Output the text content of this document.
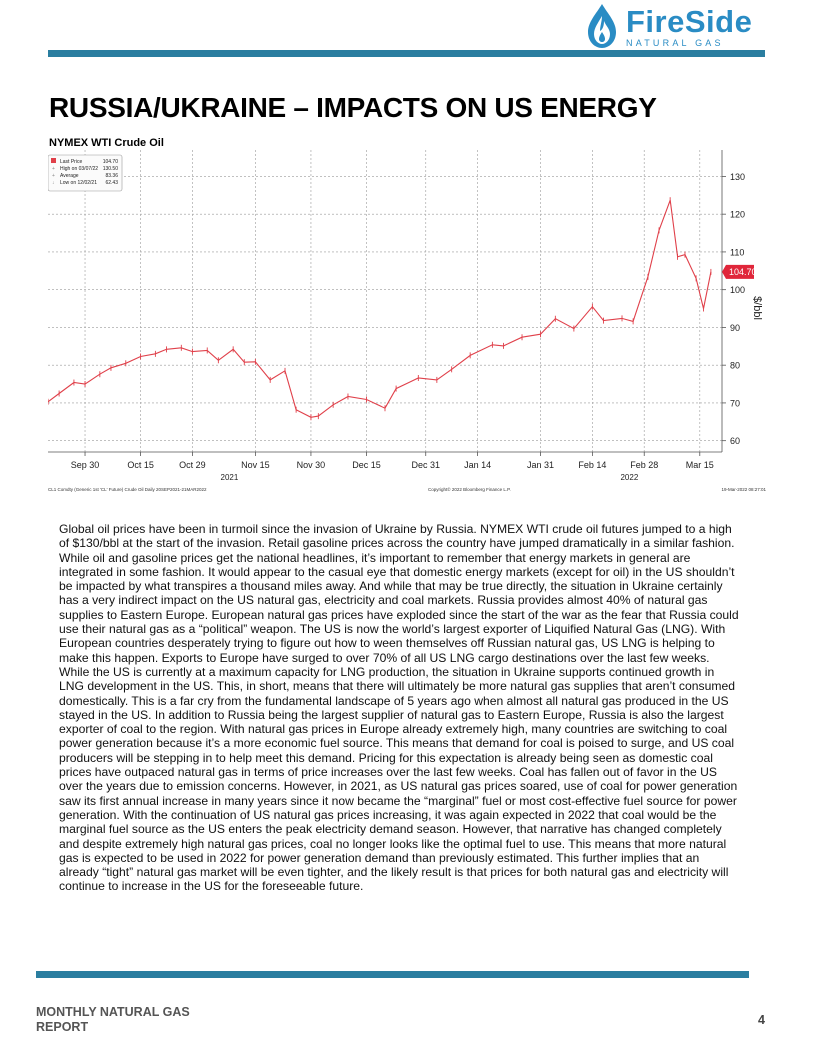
FireSide
NATURAL GAS
RUSSIA/UKRAINE – IMPACTS ON US ENERGY
NYMEX WTI Crude Oil
60
70
80
90
100
110
120
130
Sep 30	Oct 15	Oct 29	Nov 15	Nov 30	Dec 15	Dec 31	Jan 14	Jan 31	Feb 14	Feb 28	Mar 15
2021	2022
$/bbl
Last Price	104.70
+ High on 03/07/22 130.50
+ Average	83.36
↓ Low on 12/02/21 62.43
104.70
CL1 Comdty (Generic 1st 'CL' Future) Crude Oil Daily 20SEP2021-21MAR2022	Copyright© 2022 Bloomberg Finance L.P.	19-Mar-2022 08:27:01

Global oil prices have been in turmoil since the invasion of Ukraine by Russia. NYMEX WTI crude oil futures jumped to a high of $130/bbl at the start of the invasion. Retail gasoline prices across the country have jumped dramatically in a similar fashion. While oil and gasoline prices get the national headlines, it’s important to remember that energy markets in general are integrated in some fashion. It would appear to the casual eye that domestic energy markets (except for oil) in the US shouldn’t be impacted by what transpires a thousand miles away. And while that may be true directly, the situation in Ukraine certainly has a very indirect impact on the US natural gas, electricity and coal markets. Russia provides almost 40% of natural gas supplies to Eastern Europe. European natural gas prices have exploded since the start of the war as the fear that Russia could use their natural gas as a “political” weapon. The US is now the world’s largest exporter of Liquified Natural Gas (LNG). With European countries desperately trying to figure out how to ween themselves off Russian natural gas, US LNG is helping to make this happen. Exports to Europe have surged to over 70% of all US LNG cargo destinations over the last few weeks. While the US is currently at a maximum capacity for LNG production, the situation in Ukraine supports continued growth in LNG development in the US. This, in short, means that there will ultimately be more natural gas supplies that aren’t consumed domestically. This is a far cry from the fundamental landscape of 5 years ago when almost all natural gas produced in the US stayed in the US. In addition to Russia being the largest supplier of natural gas to Eastern Europe, Russia is also the largest exporter of coal to the region. With natural gas prices in Europe already extremely high, many countries are switching to coal power generation because it’s a more economic fuel source. This means that demand for coal is poised to surge, and US coal producers will be stepping in to help meet this demand. Pricing for this expectation is already being seen as domestic coal prices have outpaced natural gas in terms of price increases over the last few weeks. Coal has fallen out of favor in the US over the years due to emission concerns. However, in 2021, as US natural gas prices soared, use of coal for power generation saw its first annual increase in many years since it now became the “marginal” fuel or most cost-effective fuel source for power generation. With the continuation of US natural gas prices increasing, it was again expected in 2022 that coal would be the marginal fuel source as the US enters the peak electricity demand season. However, that narrative has changed completely and despite extremely high natural gas prices, coal no longer looks like the optimal fuel to use. This means that more natural gas is expected to be used in 2022 for power generation demand than previously estimated. This further implies that an already “tight” natural gas market will be even tighter, and the likely result is that prices for both natural gas and electricity will continue to increase in the US for the foreseeable future.

MONTHLY NATURAL GAS REPORT	4
